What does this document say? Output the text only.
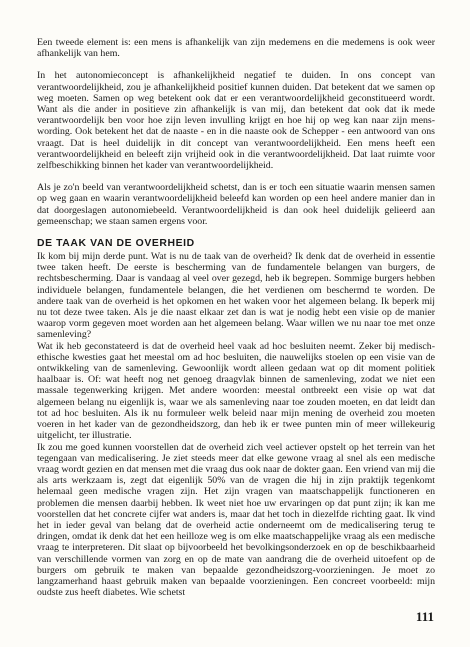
Een tweede element is: een mens is afhankelijk van zijn medemens en die medemens is ook weer afhankelijk van hem.

In het autonomieconcept is afhankelijkheid negatief te duiden. In ons concept van verantwoordelijkheid, zou je afhankelijkheid positief kunnen duiden. Dat betekent dat we samen op weg moeten. Samen op weg betekent ook dat er een verantwoordelijkheid geconstitueerd wordt. Want als die ander in positieve zin afhankelijk is van mij, dan betekent dat ook dat ik mede verantwoordelijk ben voor hoe zijn leven invulling krijgt en hoe hij op weg kan naar zijn mens-wording. Ook betekent het dat de naaste - en in die naaste ook de Schepper - een antwoord van ons vraagt. Dat is heel duidelijk in dit concept van verantwoordelijkheid. Een mens heeft een verantwoordelijkheid en beleeft zijn vrijheid ook in die verantwoordelijkheid. Dat laat ruimte voor zelfbeschikking binnen het kader van verantwoordelijkheid.

Als je zo'n beeld van verantwoordelijkheid schetst, dan is er toch een situatie waarin mensen samen op weg gaan en waarin verantwoordelijkheid beleefd kan worden op een heel andere manier dan in dat doorgeslagen autonomiebeeld. Verantwoordelijkheid is dan ook heel duidelijk gelieerd aan gemeenschap; we staan samen ergens voor.

DE TAAK VAN DE OVERHEID

Ik kom bij mijn derde punt. Wat is nu de taak van de overheid? Ik denk dat de overheid in essentie twee taken heeft. De eerste is bescherming van de fundamentele belangen van burgers, de rechtsbescherming. Daar is vandaag al veel over gezegd, heb ik begrepen. Sommige burgers hebben individuele belangen, fundamentele belangen, die het verdienen om beschermd te worden. De andere taak van de overheid is het opkomen en het waken voor het algemeen belang. Ik beperk mij nu tot deze twee taken. Als je die naast elkaar zet dan is wat je nodig hebt een visie op de manier waarop vorm gegeven moet worden aan het algemeen belang. Waar willen we nu naar toe met onze samenleving?

Wat ik heb geconstateerd is dat de overheid heel vaak ad hoc besluiten neemt. Zeker bij medisch-ethische kwesties gaat het meestal om ad hoc besluiten, die nauwelijks stoelen op een visie van de ontwikkeling van de samenleving. Gewoonlijk wordt alleen gedaan wat op dit moment politiek haalbaar is. Of: wat heeft nog net genoeg draagvlak binnen de samenleving, zodat we niet een massale tegenwerking krijgen. Met andere woorden: meestal ontbreekt een visie op wat dat algemeen belang nu eigenlijk is, waar we als samenleving naar toe zouden moeten, en dat leidt dan tot ad hoc besluiten. Als ik nu formuleer welk beleid naar mijn mening de overheid zou moeten voeren in het kader van de gezondheidszorg, dan heb ik er twee punten min of meer willekeurig uitgelicht, ter illustratie.

Ik zou me goed kunnen voorstellen dat de overheid zich veel actiever opstelt op het terrein van het tegengaan van medicalisering. Je ziet steeds meer dat elke gewone vraag al snel als een medische vraag wordt gezien en dat mensen met die vraag dus ook naar de dokter gaan. Een vriend van mij die als arts werkzaam is, zegt dat eigenlijk 50% van de vragen die hij in zijn praktijk tegenkomt helemaal geen medische vragen zijn. Het zijn vragen van maatschappelijk functioneren en problemen die mensen daarbij hebben. Ik weet niet hoe uw ervaringen op dat punt zijn; ik kan me voorstellen dat het concrete cijfer wat anders is, maar dat het toch in diezelfde richting gaat. Ik vind het in ieder geval van belang dat de overheid actie onderneemt om de medicalisering terug te dringen, omdat ik denk dat het een heilloze weg is om elke maatschappelijke vraag als een medische vraag te interpreteren. Dit slaat op bijvoorbeeld het bevolkingsonderzoek en op de beschikbaarheid van verschillende vormen van zorg en op de mate van aandrang die de overheid uitoefent op de burgers om gebruik te maken van bepaalde gezondheidszorg-voorzieningen. Je moet zo langzamerhand haast gebruik maken van bepaalde voorzieningen. Een concreet voorbeeld: mijn oudste zus heeft diabetes. Wie schetst

111
